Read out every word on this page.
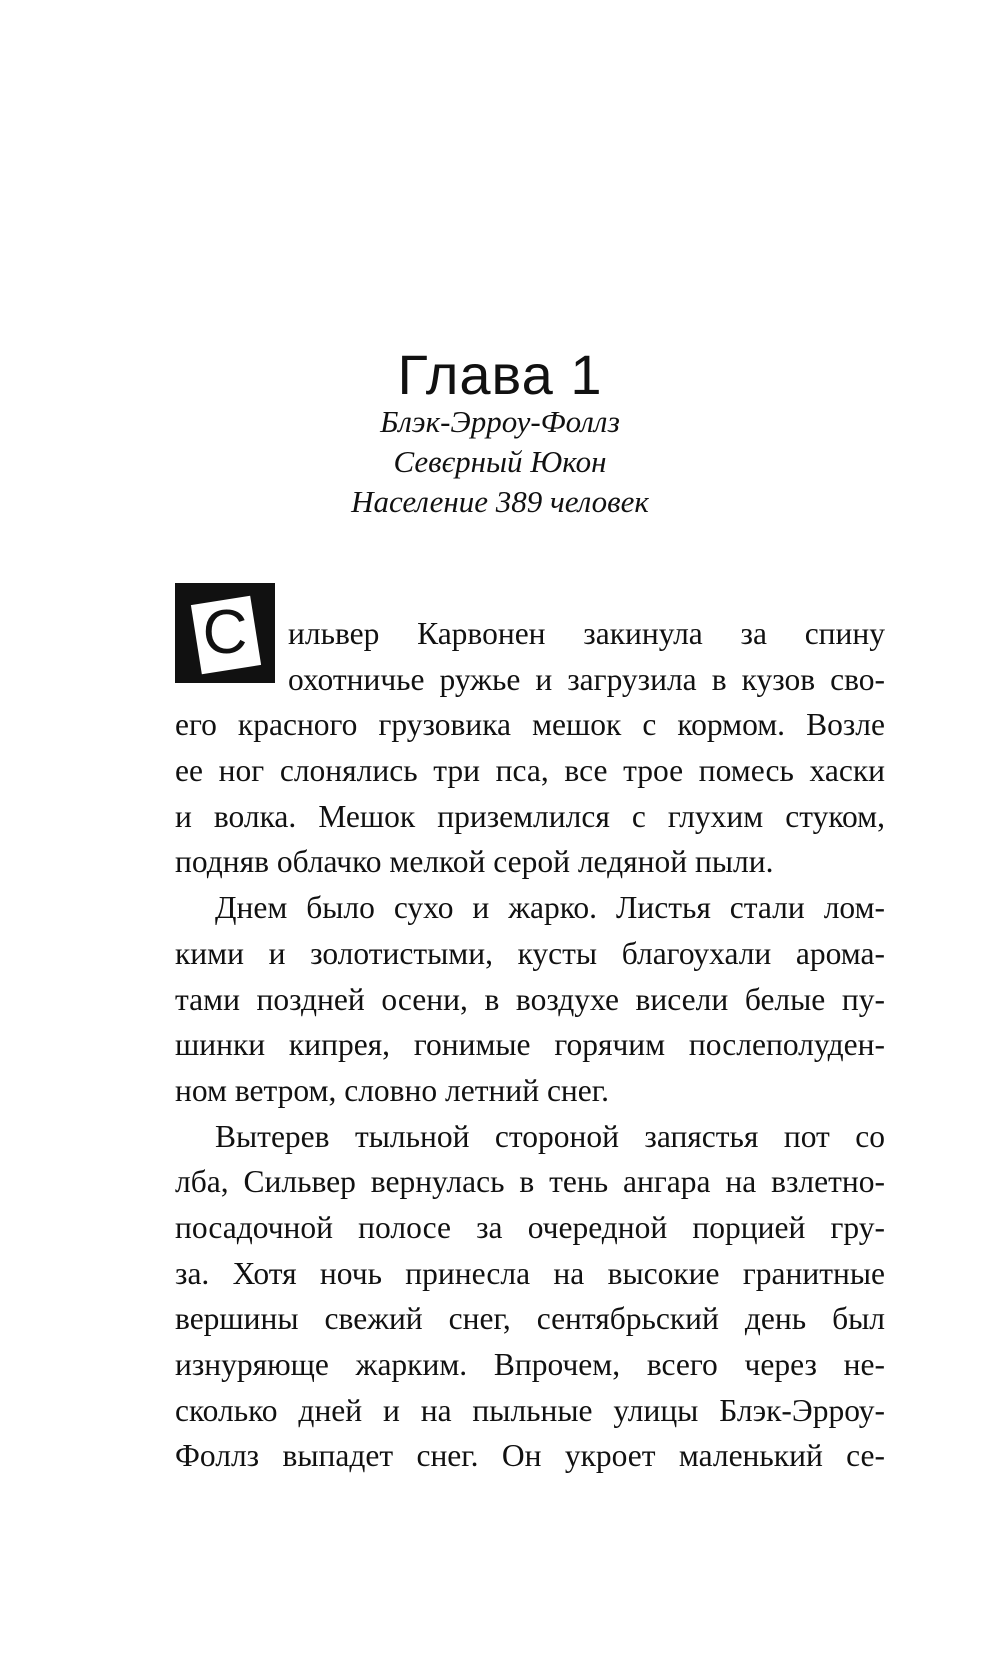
Глава 1
Блэк-Эрроу-Фоллз
Севєрный Юкон
Население 389 человек
С	ильвер Карвонен закинула за спину
охотничье ружье и загрузила в кузов сво-
его красного грузовика мешок с кормом. Возле
ее ног слонялись три пса, все трое помесь хаски
и волка. Мешок приземлился с глухим стуком,
подняв облачко мелкой серой ледяной пыли.
Днем было сухо и жарко. Листья стали лом-
кими и золотистыми, кусты благоухали арома-
тами поздней осени, в воздухе висели белые пу-
шинки кипрея, гонимые горячим послеполуден-
ном ветром, словно летний снег.
Вытерев тыльной стороной запястья пот со
лба, Сильвер вернулась в тень ангара на взлетно-
посадочной полосе за очередной порцией гру-
за. Хотя ночь принесла на высокие гранитные
вершины свежий снег, сентябрьский день был
изнуряюще жарким. Впрочем, всего через не-
сколько дней и на пыльные улицы Блэк-Эрроу-
Фоллз выпадет снег. Он укроет маленький се-
